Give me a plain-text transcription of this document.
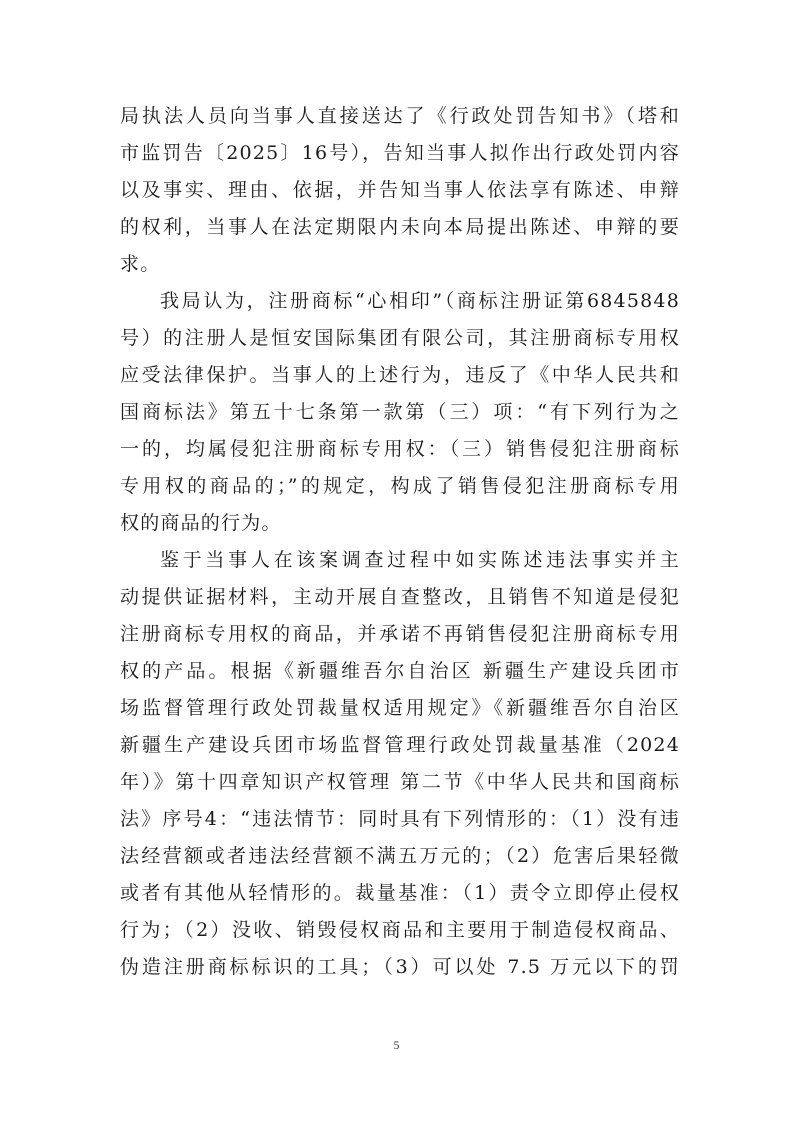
局执法人员向当事人直接送达了《行政处罚告知书》（塔和
市监罚告〔2025〕16号），告知当事人拟作出行政处罚内容
以及事实、理由、依据，并告知当事人依法享有陈述、申辩
的权利，当事人在法定期限内未向本局提出陈述、申辩的要
求。
我局认为，注册商标“心相印”（商标注册证第6845848
号）的注册人是恒安国际集团有限公司，其注册商标专用权
应受法律保护。当事人的上述行为，违反了《中华人民共和
国商标法》第五十七条第一款第（三）项：“有下列行为之
一的，均属侵犯注册商标专用权：（三）销售侵犯注册商标
专用权的商品的；”的规定，构成了销售侵犯注册商标专用
权的商品的行为。
鉴于当事人在该案调查过程中如实陈述违法事实并主
动提供证据材料，主动开展自查整改，且销售不知道是侵犯
注册商标专用权的商品，并承诺不再销售侵犯注册商标专用
权的产品。根据《新疆维吾尔自治区 新疆生产建设兵团市
场监督管理行政处罚裁量权适用规定》《新疆维吾尔自治区
新疆生产建设兵团市场监督管理行政处罚裁量基准（2024
年）》第十四章知识产权管理 第二节《中华人民共和国商标
法》序号4：“违法情节：同时具有下列情形的：（1）没有违
法经营额或者违法经营额不满五万元的；（2）危害后果轻微
或者有其他从轻情形的。裁量基准：（1）责令立即停止侵权
行为；（2）没收、销毁侵权商品和主要用于制造侵权商品、
伪造注册商标标识的工具；（3）可以处 7.5 万元以下的罚
5
